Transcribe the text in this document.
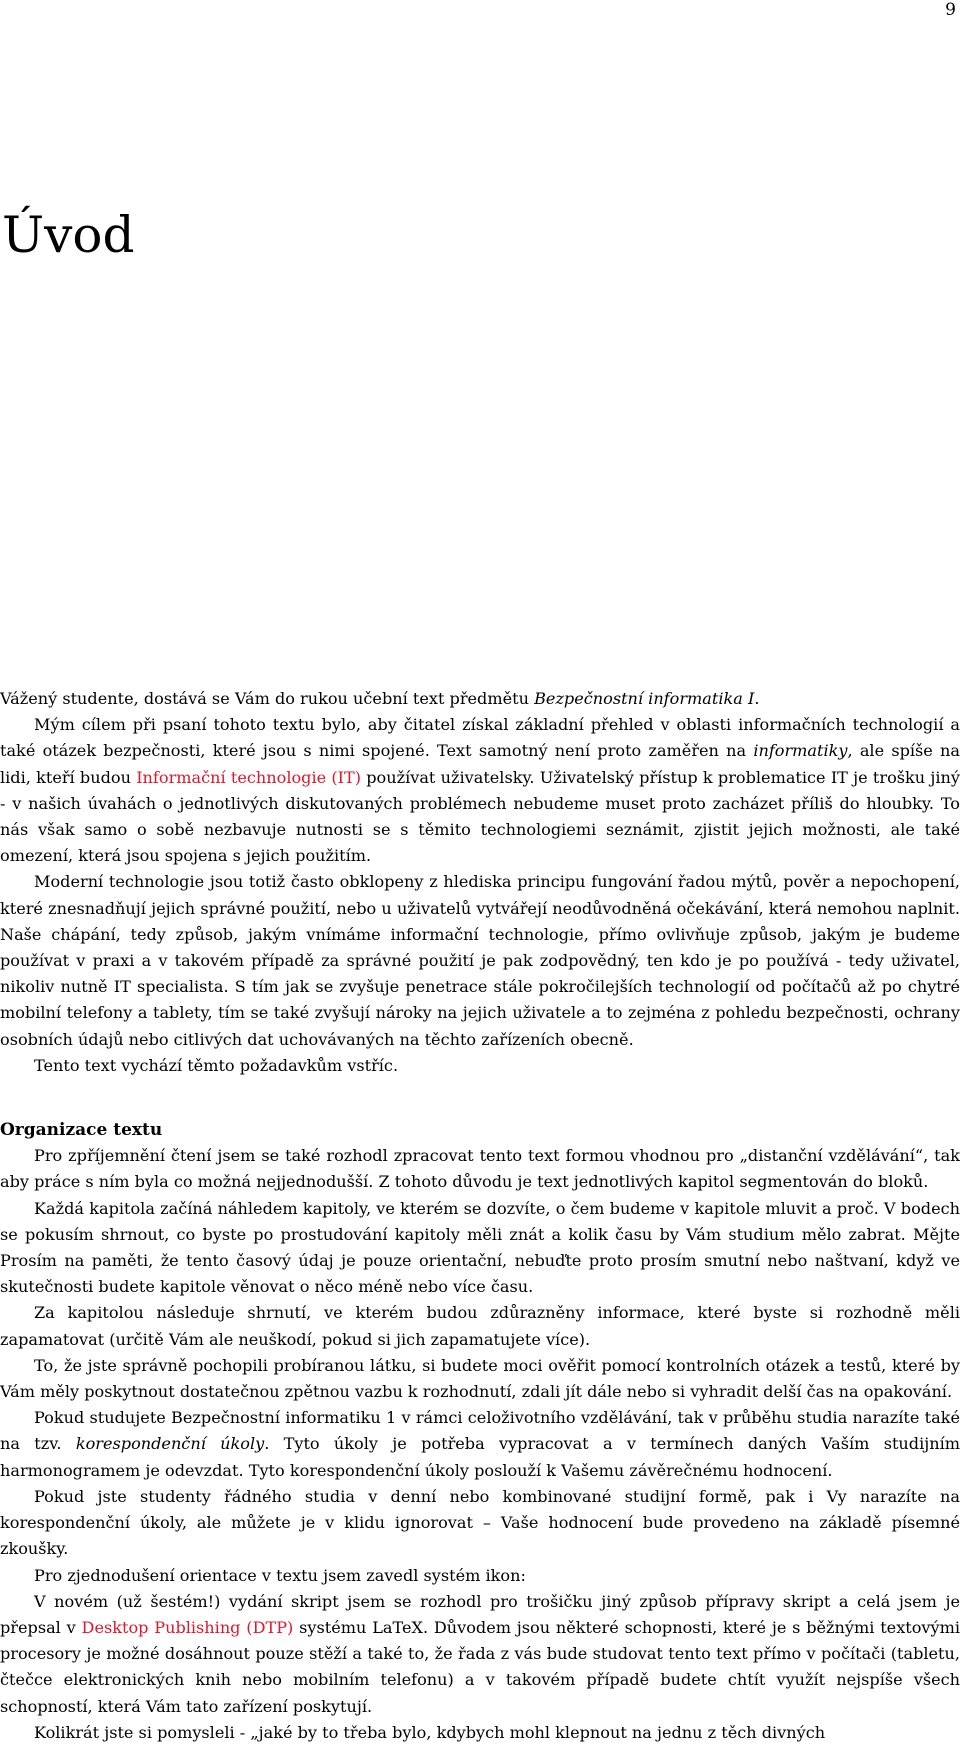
9
Úvod

Vážený studente, dostává se Vám do rukou učební text předmětu Bezpečnostní informatika I.

Mým cílem při psaní tohoto textu bylo, aby čitatel získal základní přehled v oblasti informačních technologií a také otázek bezpečnosti, které jsou s nimi spojené. Text samotný není proto zaměřen na informatiky, ale spíše na lidi, kteří budou Informační technologie (IT) používat uživatelsky. Uživatelský přístup k problematice IT je trošku jiný - v našich úvahách o jednotlivých diskutovaných problémech nebudeme muset proto zacházet příliš do hloubky. To nás však samo o sobě nezbavuje nutnosti se s těmito technologiemi seznámit, zjistit jejich možnosti, ale také omezení, která jsou spojena s jejich použitím.

Moderní technologie jsou totiž často obklopeny z hlediska principu fungování řadou mýtů, pověr a nepochopení, které znesnadňují jejich správné použití, nebo u uživatelů vytvářejí neodůvodněná očekávání, která nemohou naplnit. Naše chápání, tedy způsob, jakým vnímáme informační technologie, přímo ovlivňuje způsob, jakým je budeme používat v praxi a v takovém případě za správné použití je pak zodpovědný, ten kdo je po používá - tedy uživatel, nikoliv nutně IT specialista. S tím jak se zvyšuje penetrace stále pokročilejších technologií od počítačů až po chytré mobilní telefony a tablety, tím se také zvyšují nároky na jejich uživatele a to zejména z pohledu bezpečnosti, ochrany osobních údajů nebo citlivých dat uchovávaných na těchto zařízeních obecně.

Tento text vychází těmto požadavkům vstříc.

Organizace textu

Pro zpříjemnění čtení jsem se také rozhodl zpracovat tento text formou vhodnou pro „distanční vzdělávání“, tak aby práce s ním byla co možná nejjednodušší. Z tohoto důvodu je text jednotlivých kapitol segmentován do bloků.

Každá kapitola začíná náhledem kapitoly, ve kterém se dozvíte, o čem budeme v kapitole mluvit a proč. V bodech se pokusím shrnout, co byste po prostudování kapitoly měli znát a kolik času by Vám studium mělo zabrat. Mějte Prosím na paměti, že tento časový údaj je pouze orientační, nebuďte proto prosím smutní nebo naštvaní, když ve skutečnosti budete kapitole věnovat o něco méně nebo více času.

Za kapitolou následuje shrnutí, ve kterém budou zdůrazněny informace, které byste si rozhodně měli zapamatovat (určitě Vám ale neuškodí, pokud si jich zapamatujete více).

To, že jste správně pochopili probíranou látku, si budete moci ověřit pomocí kontrolních otázek a testů, které by Vám měly poskytnout dostatečnou zpětnou vazbu k rozhodnutí, zdali jít dále nebo si vyhradit delší čas na opakování.

Pokud studujete Bezpečnostní informatiku 1 v rámci celoživotního vzdělávání, tak v průběhu studia narazíte také na tzv. korespondenční úkoly. Tyto úkoly je potřeba vypracovat a v termínech daných Vaším studijním harmonogramem je odevzdat. Tyto korespondenční úkoly poslouží k Vašemu závěrečnému hodnocení.

Pokud jste studenty řádného studia v denní nebo kombinované studijní formě, pak i Vy narazíte na korespondenční úkoly, ale můžete je v klidu ignorovat – Vaše hodnocení bude provedeno na základě písemné zkoušky.

Pro zjednodušení orientace v textu jsem zavedl systém ikon:

V novém (už šestém!) vydání skript jsem se rozhodl pro trošičku jiný způsob přípravy skript a celá jsem je přepsal v Desktop Publishing (DTP) systému LaTeX. Důvodem jsou některé schopnosti, které je s běžnými textovými procesory je možné dosáhnout pouze stěží a také to, že řada z vás bude studovat tento text přímo v počítači (tabletu, čtečce elektronických knih nebo mobilním telefonu) a v takovém případě budete chtít využít nejspíše všech schopností, která Vám tato zařízení poskytují.

Kolikrát jste si pomysleli - „jaké by to třeba bylo, kdybych mohl klepnout na jednu z těch divných
